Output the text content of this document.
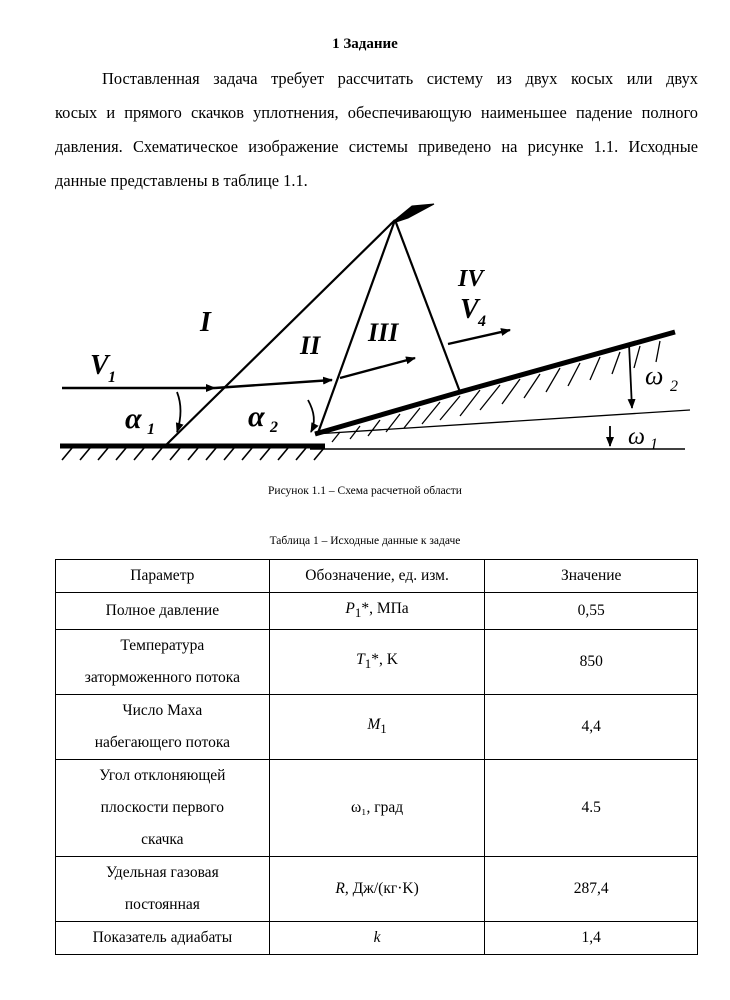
1 Задание

Поставленная задача требует рассчитать систему из двух косых или двух
косых и прямого скачков уплотнения, обеспечивающую наименьшее падение полного давления. Схематическое изображение системы приведено на рисунке 1.1. Исходные данные представлены в таблице 1.1.

I
II III
IV
V 1
V 4
α 1	α 2	ω 1
ω 2
Рисунок 1.1 – Схема расчетной области
Таблица 1 – Исходные данные к задаче
Параметр	Обозначение, ед. изм.	Значение
Полное давление	$P_1*$, МПа	0,55
Температура
заторможенного потока	$T_1*$, K	850
Число Маха
набегающего потока	$M_1$	4,4
Угол отклоняющей
плоскости первого
скачка	ω₁, град	4.5
Удельная газовая
постоянная	R, Дж/(кг·K)	287,4
Показатель адиабаты	k	1,4
